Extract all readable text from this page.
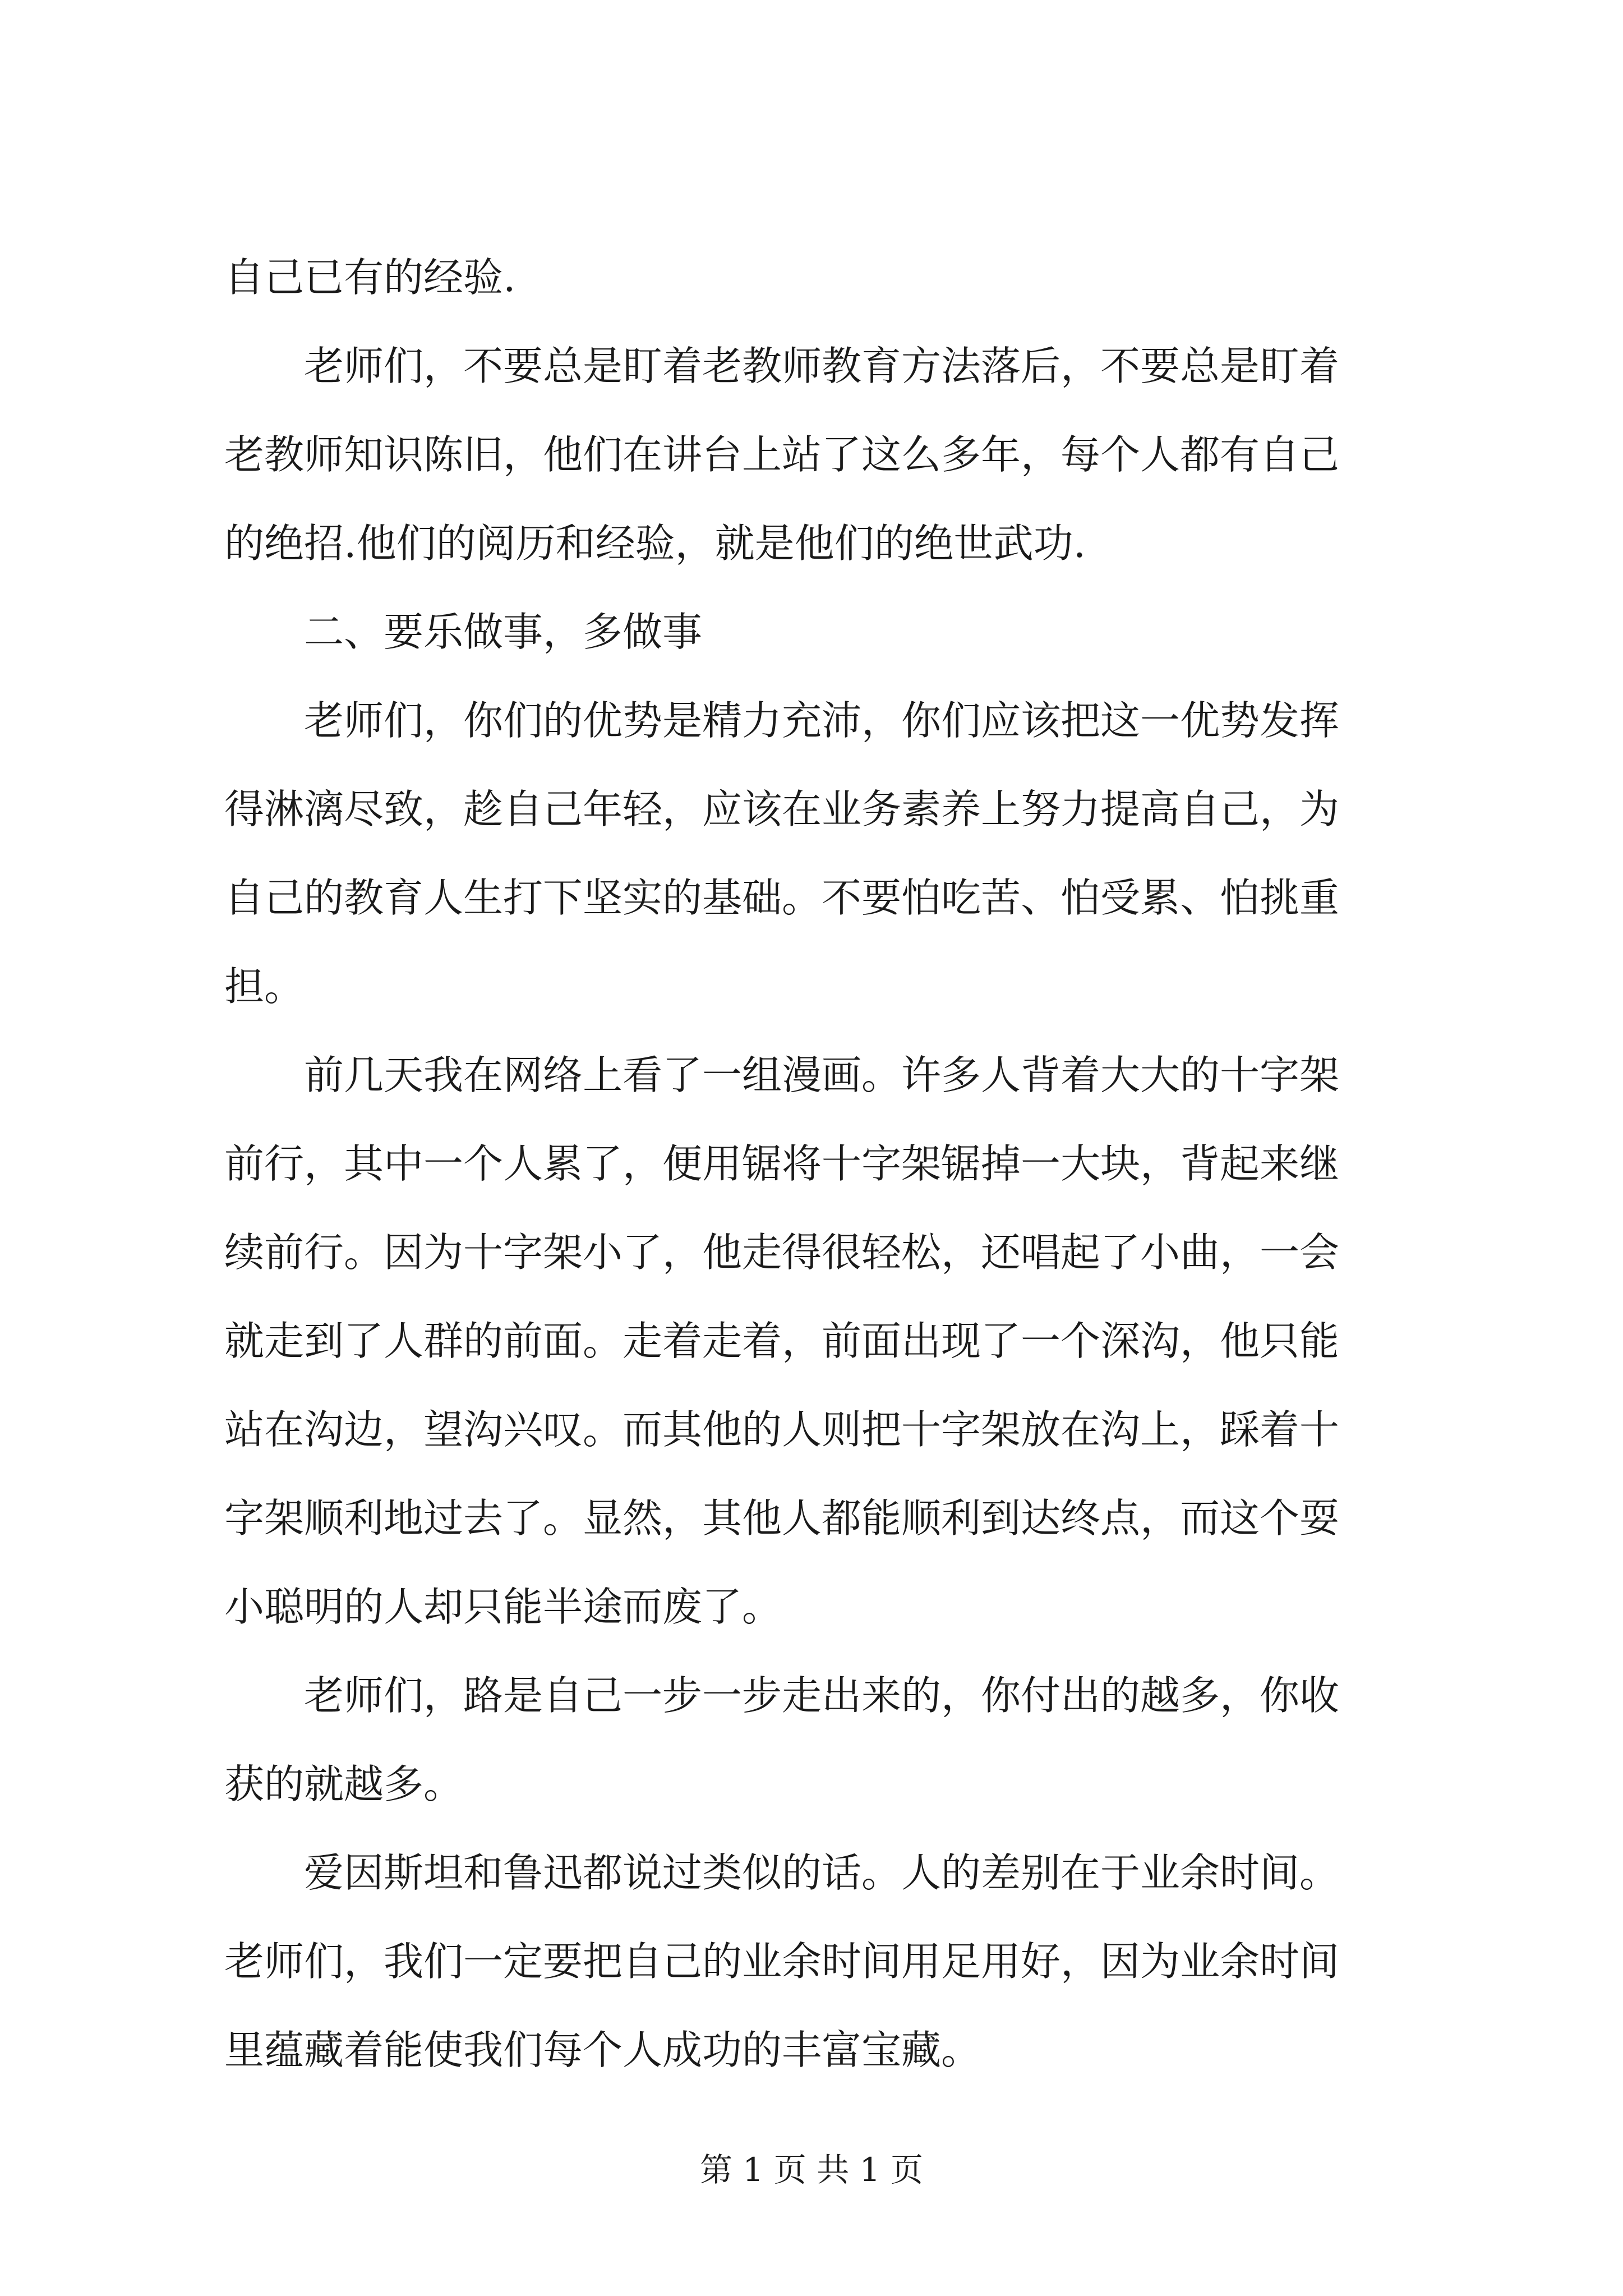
自己已有的经验.
老师们，不要总是盯着老教师教育方法落后，不要总是盯着
老教师知识陈旧，他们在讲台上站了这么多年，每个人都有自己
的绝招.他们的阅历和经验，就是他们的绝世武功.
二、要乐做事，多做事
老师们，你们的优势是精力充沛，你们应该把这一优势发挥
得淋漓尽致，趁自己年轻，应该在业务素养上努力提高自己，为
自己的教育人生打下坚实的基础。不要怕吃苦、怕受累、怕挑重
担。
前几天我在网络上看了一组漫画。许多人背着大大的十字架
前行，其中一个人累了，便用锯将十字架锯掉一大块，背起来继
续前行。因为十字架小了，他走得很轻松，还唱起了小曲，一会
就走到了人群的前面。走着走着，前面出现了一个深沟，他只能
站在沟边，望沟兴叹。而其他的人则把十字架放在沟上，踩着十
字架顺利地过去了。显然，其他人都能顺利到达终点，而这个耍
小聪明的人却只能半途而废了。
老师们，路是自己一步一步走出来的，你付出的越多，你收
获的就越多。
爱因斯坦和鲁迅都说过类似的话。人的差别在于业余时间。
老师们，我们一定要把自己的业余时间用足用好，因为业余时间
里蕴藏着能使我们每个人成功的丰富宝藏。
第 1 页 共 1 页
